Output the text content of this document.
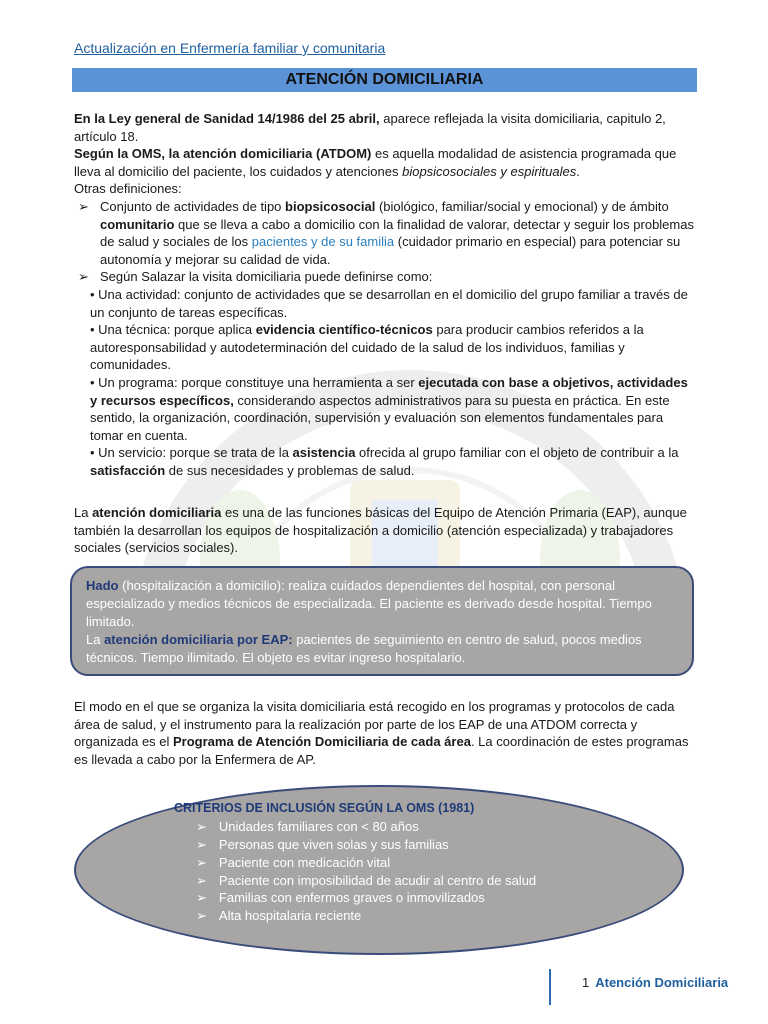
Actualización en Enfermería familiar y comunitaria
ATENCIÓN DOMICILIARIA
En la Ley general de Sanidad 14/1986 del 25 abril, aparece reflejada la visita domiciliaria, capitulo 2, artículo 18.
Según la OMS, la atención domiciliaria (ATDOM) es aquella modalidad de asistencia programada que lleva al domicilio del paciente, los cuidados y atenciones biopsicosociales y espirituales.
Otras definiciones:
➢ Conjunto de actividades de tipo biopsicosocial (biológico, familiar/social y emocional) y de ámbito comunitario que se lleva a cabo a domicilio con la finalidad de valorar, detectar y seguir los problemas de salud y sociales de los pacientes y de su familia (cuidador primario en especial) para potenciar su autonomía y mejorar su calidad de vida.
➢ Según Salazar la visita domiciliaria puede definirse como:
• Una actividad: conjunto de actividades que se desarrollan en el domicilio del grupo familiar a través de un conjunto de tareas específicas.
• Una técnica: porque aplica evidencia científico-técnicos para producir cambios referidos a la autoresponsabilidad y autodeterminación del cuidado de la salud de los individuos, familias y comunidades.
• Un programa: porque constituye una herramienta a ser ejecutada con base a objetivos, actividades y recursos específicos, considerando aspectos administrativos para su puesta en práctica. En este sentido, la organización, coordinación, supervisión y evaluación son elementos fundamentales para tomar en cuenta.
• Un servicio: porque se trata de la asistencia ofrecida al grupo familiar con el objeto de contribuir a la satisfacción de sus necesidades y problemas de salud.
La atención domiciliaria es una de las funciones básicas del Equipo de Atención Primaria (EAP), aunque también la desarrollan los equipos de hospitalización a domicilio (atención especializada) y trabajadores sociales (servicios sociales).
Hado (hospitalización a domicilio): realiza cuidados dependientes del hospital, con personal especializado y medios técnicos de especializada. El paciente es derivado desde hospital. Tiempo limitado.
La atención domiciliaria por EAP: pacientes de seguimiento en centro de salud, pocos medios técnicos. Tiempo ilimitado. El objeto es evitar ingreso hospitalario.
El modo en el que se organiza la visita domiciliaria está recogido en los programas y protocolos de cada área de salud, y el instrumento para la realización por parte de los EAP de una ATDOM correcta y organizada es el Programa de Atención Domiciliaria de cada área. La coordinación de estes programas es llevada a cabo por la Enfermera de AP.
CRITERIOS DE INCLUSIÓN SEGÚN LA OMS (1981)
➢ Unidades familiares con < 80 años
➢ Personas que viven solas y sus familias
➢ Paciente con medicación vital
➢ Paciente con imposibilidad de acudir al centro de salud
➢ Familias con enfermos graves o inmovilizados
➢ Alta hospitalaria reciente
1 Atención Domiciliaria
